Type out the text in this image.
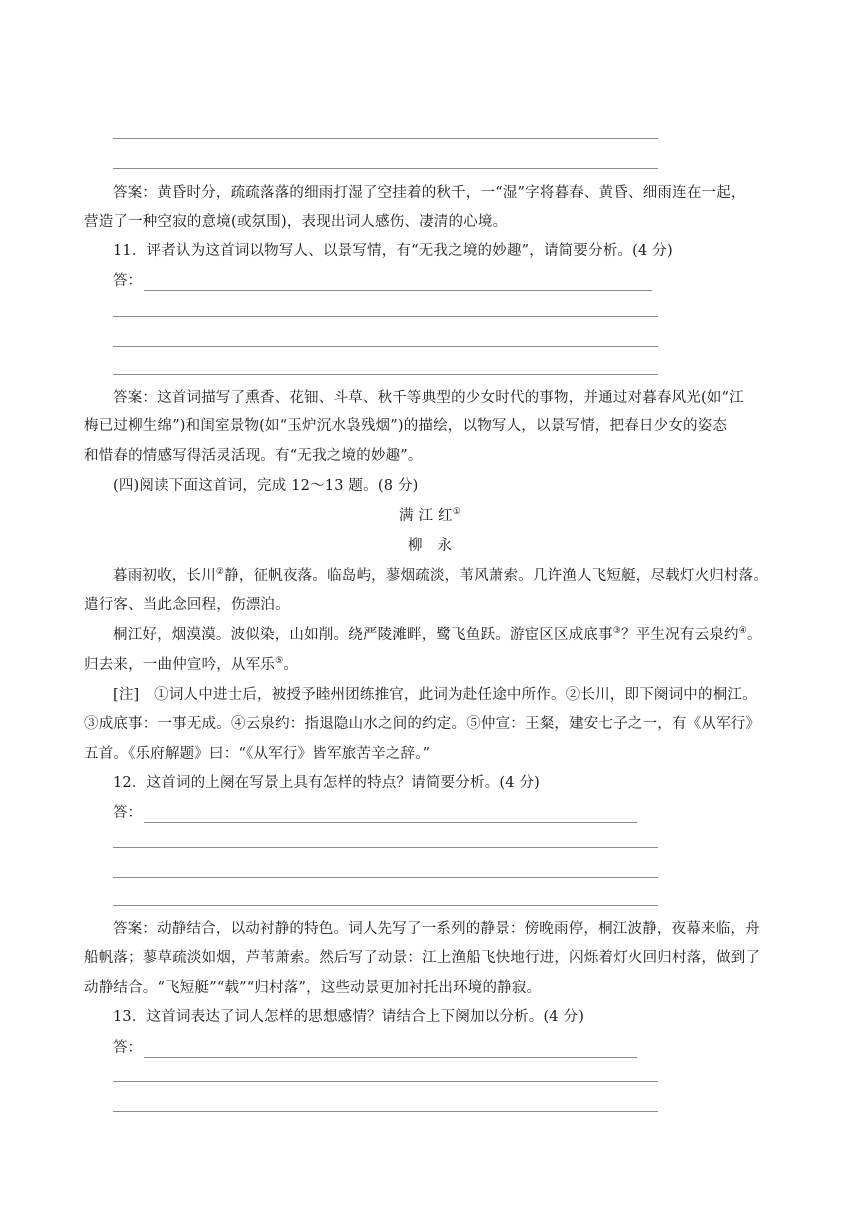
答案：黄昏时分，疏疏落落的细雨打湿了空挂着的秋千，一“湿”字将暮春、黄昏、细雨连在一起，
营造了一种空寂的意境(或氛围)，表现出词人感伤、凄清的心境。
11．评者认为这首词以物写人、以景写情，有“无我之境的妙趣”，请简要分析。(4 分)
答：
答案：这首词描写了熏香、花钿、斗草、秋千等典型的少女时代的事物，并通过对暮春风光(如“江
梅已过柳生绵”)和闺室景物(如“玉炉沉水袅残烟”)的描绘，以物写人，以景写情，把春日少女的姿态
和惜春的情感写得活灵活现。有“无我之境的妙趣”。
(四)阅读下面这首词，完成 12～13 题。(8 分)
满 江 红①
柳　永
暮雨初收，长川②静，征帆夜落。临岛屿，蓼烟疏淡，苇风萧索。几许渔人飞短艇，尽载灯火归村落。
遣行客、当此念回程，伤漂泊。
桐江好，烟漠漠。波似染，山如削。绕严陵滩畔，鹭飞鱼跃。游宦区区成底事③？平生况有云泉约④。
归去来，一曲仲宣吟，从军乐⑤。
[注]　①词人中进士后，被授予睦州团练推官，此词为赴任途中所作。②长川，即下阕词中的桐江。
③成底事：一事无成。④云泉约：指退隐山水之间的约定。⑤仲宣：王粲，建安七子之一，有《从军行》
五首。《乐府解题》曰：“《从军行》皆军旅苦辛之辞。”
12．这首词的上阕在写景上具有怎样的特点？请简要分析。(4 分)
答：
答案：动静结合，以动衬静的特色。词人先写了一系列的静景：傍晚雨停，桐江波静，夜幕来临，舟
船帆落；蓼草疏淡如烟，芦苇萧索。然后写了动景：江上渔船飞快地行进，闪烁着灯火回归村落，做到了
动静结合。“飞短艇”“载”“归村落”，这些动景更加衬托出环境的静寂。
13．这首词表达了词人怎样的思想感情？请结合上下阕加以分析。(4 分)
答：
